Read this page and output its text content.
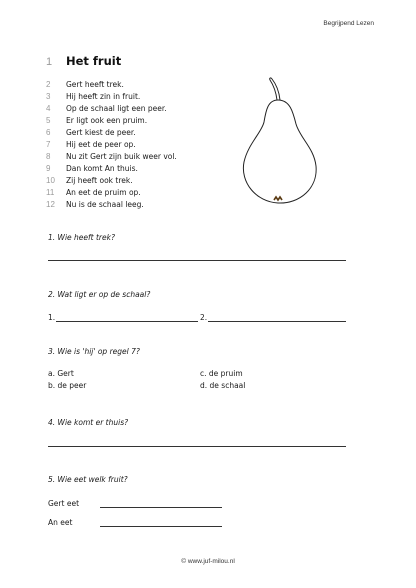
Begrijpend Lezen
1	Het fruit
2	Gert heeft trek.
3	Hij heeft zin in fruit.
4	Op de schaal ligt een peer.
5	Er ligt ook een pruim.
6	Gert kiest de peer.
7	Hij eet de peer op.
8	Nu zit Gert zijn buik weer vol.
9	Dan komt An thuis.
10	Zij heeft ook trek.
11	An eet de pruim op.
12	Nu is de schaal leeg.
1. Wie heeft trek?
2. Wat ligt er op de schaal?
1.	2.
3. Wie is 'hij' op regel 7?
a. Gert	c. de pruim
b. de peer	d. de schaal
4. Wie komt er thuis?
5. Wie eet welk fruit?
Gert eet
An eet
© www.juf-milou.nl
